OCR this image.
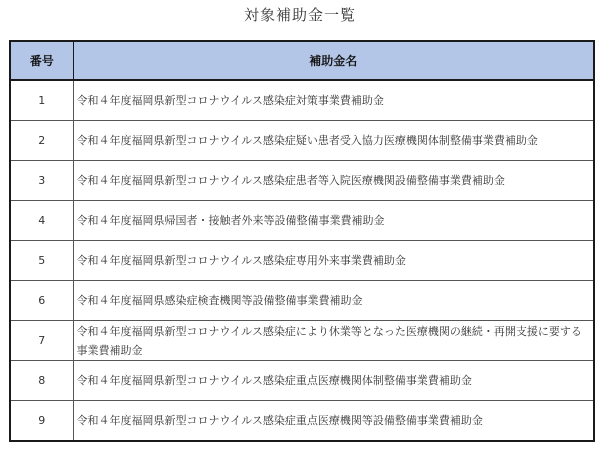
対象補助金一覧
番号	補助金名
1	令和４年度福岡県新型コロナウイルス感染症対策事業費補助金
2	令和４年度福岡県新型コロナウイルス感染症疑い患者受入協力医療機関体制整備事業費補助金
3	令和４年度福岡県新型コロナウイルス感染症患者等入院医療機関設備整備事業費補助金
4	令和４年度福岡県帰国者・接触者外来等設備整備事業費補助金
5	令和４年度福岡県新型コロナウイルス感染症専用外来事業費補助金
6	令和４年度福岡県感染症検査機関等設備整備事業費補助金
7	令和４年度福岡県新型コロナウイルス感染症により休業等となった医療機関の継続・再開支援に要する事業費補助金
8	令和４年度福岡県新型コロナウイルス感染症重点医療機関体制整備事業費補助金
9	令和４年度福岡県新型コロナウイルス感染症重点医療機関等設備整備事業費補助金
